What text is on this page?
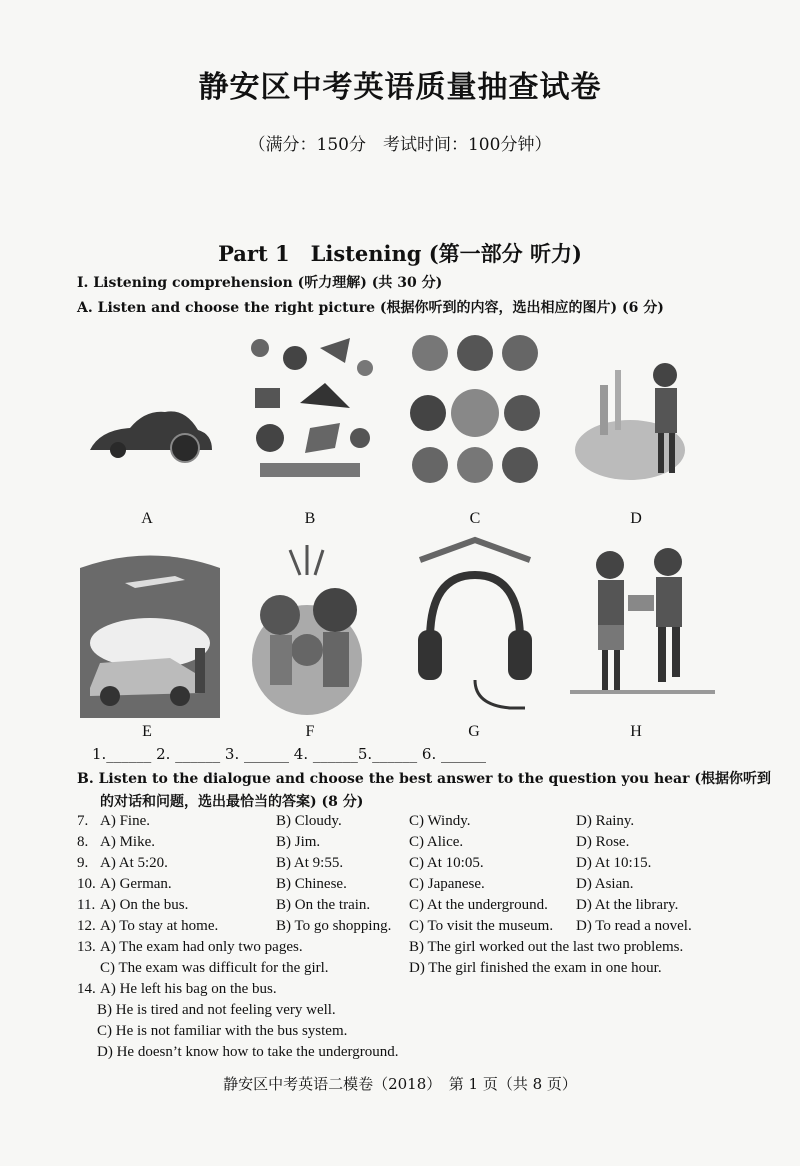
静安区中考英语质量抽查试卷
（满分：150分　考试时间：100分钟）
Part 1　Listening (第一部分 听力)
I. Listening comprehension (听力理解) (共 30 分)
A. Listen and choose the right picture (根据你听到的内容，选出相应的图片) (6 分)
A	B	C	D
E	F	G	H
1.______ 2. ______ 3. ______ 4. ______5.______ 6. ______
B. Listen to the dialogue and choose the best answer to the question you hear (根据你听到
的对话和问题，选出最恰当的答案) (8 分)
7. A) Fine.	B) Cloudy.	C) Windy.	D) Rainy.
8. A) Mike.	B) Jim.	C) Alice.	D) Rose.
9. A) At 5:20.	B) At 9:55.	C) At 10:05.	D) At 10:15.
10. A) German.	B) Chinese.	C) Japanese.	D) Asian.
11. A) On the bus.	B) On the train.	C) At the underground. D) At the library.
12. A) To stay at home.	B) To go shopping. C) To visit the museum. D) To read a novel.
13. A) The exam had only two pages.	B) The girl worked out the last two problems.
C) The exam was difficult for the girl.	D) The girl finished the exam in one hour.
14. A) He left his bag on the bus.
B) He is tired and not feeling very well.
C) He is not familiar with the bus system.
D) He doesn’t know how to take the underground.
静安区中考英语二模卷（2018）　第 1 页（共 8 页）
